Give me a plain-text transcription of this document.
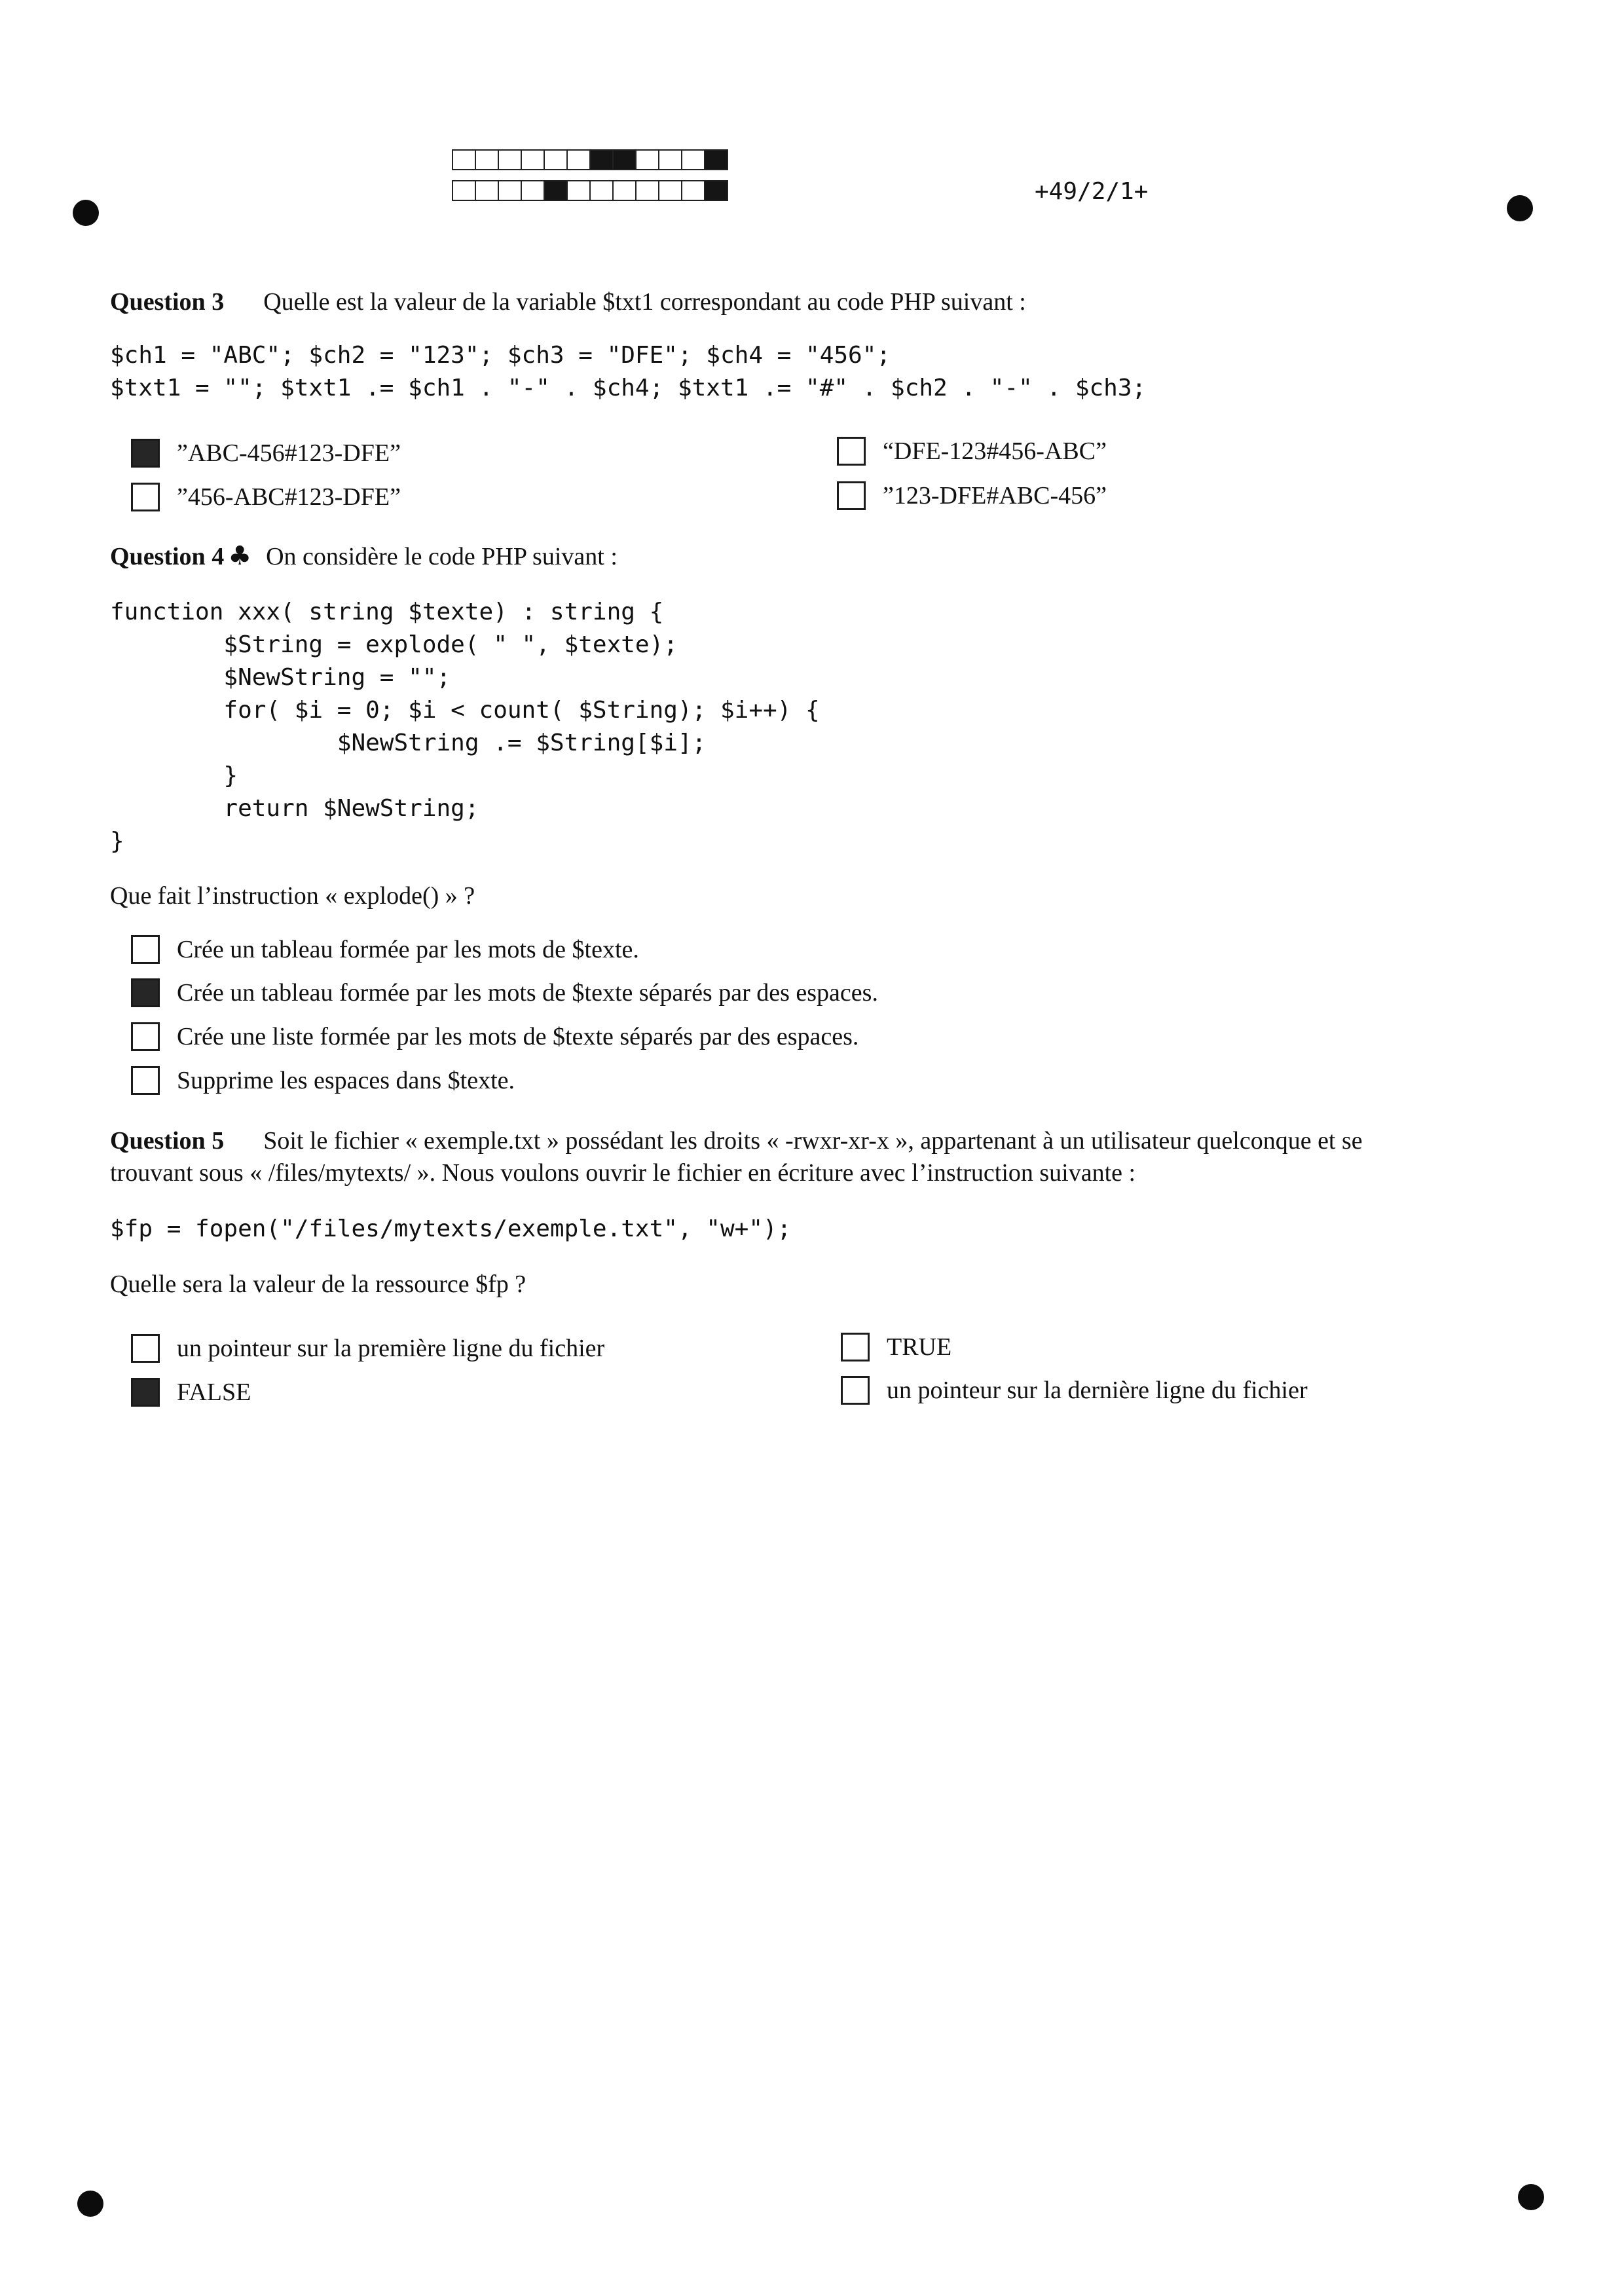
+49/2/1+
Question 3 Quelle est la valeur de la variable $txt1 correspondant au code PHP suivant :
$ch1 = "ABC"; $ch2 = "123"; $ch3 = "DFE"; $ch4 = "456";
$txt1 = ""; $txt1 .= $ch1 . "-" . $ch4; $txt1 .= "#" . $ch2 . "-" . $ch3;
”ABC-456#123-DFE”
”456-ABC#123-DFE”
“DFE-123#456-ABC”
”123-DFE#ABC-456”
Question 4 ♣ On considère le code PHP suivant :
function xxx( string $texte) : string {
$String = explode( " ", $texte);
$NewString = "";
for( $i = 0; $i < count( $String); $i++) {
$NewString .= $String[$i];
}
return $NewString;
}
Que fait l’instruction « explode() » ?
Crée un tableau formée par les mots de $texte.
Crée un tableau formée par les mots de $texte séparés par des espaces.
Crée une liste formée par les mots de $texte séparés par des espaces.
Supprime les espaces dans $texte.
Question 5 Soit le fichier « exemple.txt » possédant les droits « -rwxr-xr-x », appartenant à un utilisateur quelconque et se
trouvant sous « /files/mytexts/ ». Nous voulons ouvrir le fichier en écriture avec l’instruction suivante :
$fp = fopen("/files/mytexts/exemple.txt", "w+");
Quelle sera la valeur de la ressource $fp ?
un pointeur sur la première ligne du fichier
FALSE
TRUE
un pointeur sur la dernière ligne du fichier
